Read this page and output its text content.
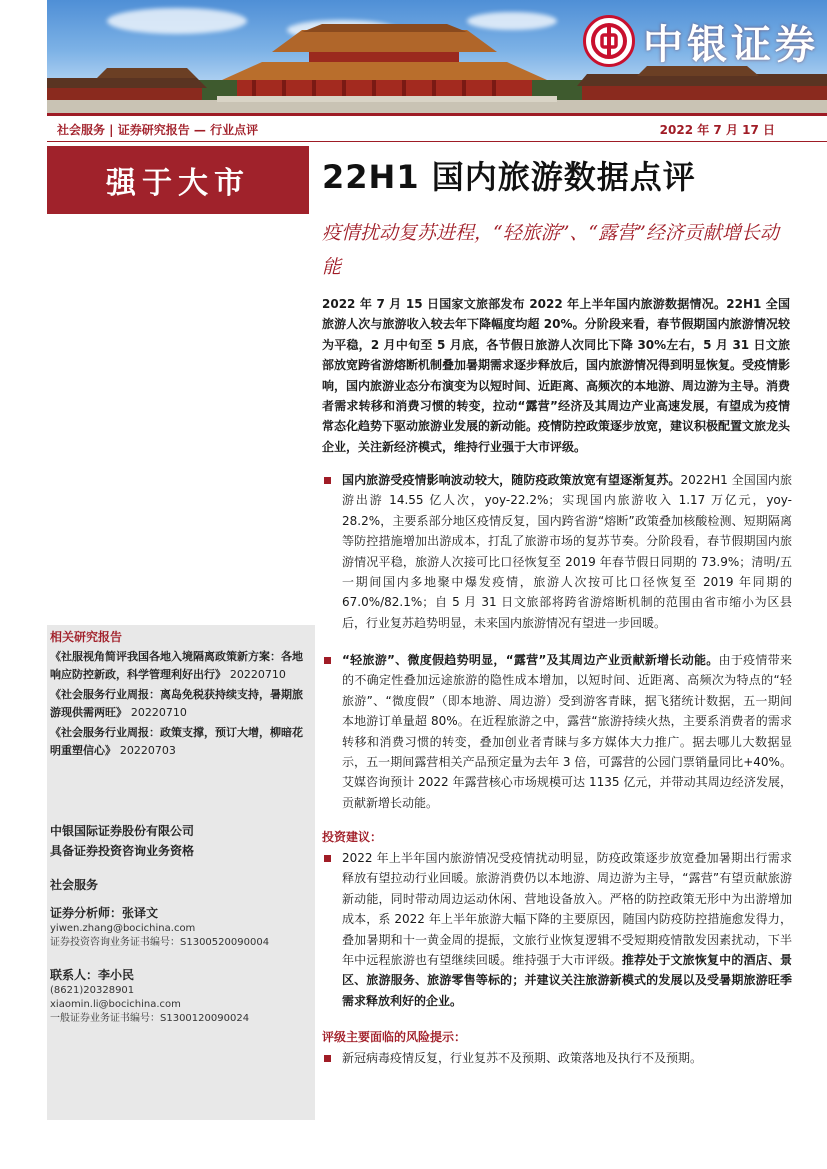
中银证券
社会服务 | 证券研究报告 — 行业点评	2022 年 7 月 17 日
强于大市 22H1 国内旅游数据点评
疫情扰动复苏进程，“轻旅游”、“露营”经济贡献增长动能
2022 年 7 月 15 日国家文旅部发布 2022 年上半年国内旅游数据情况。22H1 全国旅游人次与旅游收入较去年下降幅度均超 20%。分阶段来看，春节假期国内旅游情况较为平稳，2 月中旬至 5 月底，各节假日旅游人次同比下降 30%左右，5 月 31 日文旅部放宽跨省游熔断机制叠加暑期需求逐步释放后，国内旅游情况得到明显恢复。受疫情影响，国内旅游业态分布演变为以短时间、近距离、高频次的本地游、周边游为主导。消费者需求转移和消费习惯的转变，拉动“露营”经济及其周边产业高速发展，有望成为疫情常态化趋势下驱动旅游业发展的新动能。疫情防控政策逐步放宽，建议积极配置文旅龙头企业，关注新经济模式，维持行业强于大市评级。
国内旅游受疫情影响波动较大，随防疫政策放宽有望逐渐复苏。2022H1 全国国内旅游出游 14.55 亿人次，yoy-22.2%；实现国内旅游收入 1.17 万亿元，yoy-28.2%，主要系部分地区疫情反复，国内跨省游“熔断”政策叠加核酸检测、短期隔离等防控措施增加出游成本，打乱了旅游市场的复苏节奏。分阶段看，春节假期国内旅游情况平稳，旅游人次接可比口径恢复至 2019 年春节假日同期的 73.9%；清明/五一期间国内多地聚中爆发疫情，旅游人次按可比口径恢复至 2019 年同期的 67.0%/82.1%；自 5 月 31 日文旅部将跨省游熔断机制的范围由省市缩小为区县后，行业复苏趋势明显，未来国内旅游情况有望进一步回暖。
“轻旅游”、微度假趋势明显，“露营”及其周边产业贡献新增长动能。由于疫情带来的不确定性叠加远途旅游的隐性成本增加，以短时间、近距离、高频次为特点的“轻旅游”、“微度假”（即本地游、周边游）受到游客青睐，据飞猪统计数据，五一期间本地游订单量超 80%。在近程旅游之中，露营“旅游持续火热，主要系消费者的需求转移和消费习惯的转变，叠加创业者青睐与多方媒体大力推广。据去哪儿大数据显示，五一期间露营相关产品预定量为去年 3 倍，可露营的公园门票销量同比+40%。艾媒咨询预计 2022 年露营核心市场规模可达 1135 亿元，并带动其周边经济发展，贡献新增长动能。
投资建议：
2022 年上半年国内旅游情况受疫情扰动明显，防疫政策逐步放宽叠加暑期出行需求释放有望拉动行业回暖。旅游消费仍以本地游、周边游为主导，“露营”有望贡献旅游新动能，同时带动周边运动休闲、营地设备放入。严格的防控政策无形中为出游增加成本，系 2022 年上半年旅游大幅下降的主要原因，随国内防疫防控措施愈发得力，叠加暑期和十一黄金周的提振，文旅行业恢复逻辑不受短期疫情散发因素扰动，下半年中远程旅游也有望继续回暖。维持强于大市评级。推荐处于文旅恢复中的酒店、景区、旅游服务、旅游零售等标的；并建议关注旅游新模式的发展以及受暑期旅游旺季需求释放利好的企业。
评级主要面临的风险提示：
新冠病毒疫情反复，行业复苏不及预期、政策落地及执行不及预期。
相关研究报告
《社服视角简评我国各地入境隔离政策新方案：各地响应防控新政，科学管理利好出行》 20220710
《社会服务行业周报：离岛免税获持续支持，暑期旅游现供需两旺》 20220710
《社会服务行业周报：政策支撑，预订大增，柳暗花明重塑信心》 20220703
中银国际证券股份有限公司
具备证券投资咨询业务资格
社会服务
证券分析师：张译文
yiwen.zhang@bocichina.com
证券投资咨询业务证书编号：S1300520090004
联系人：李小民
(8621)20328901
xiaomin.li@bocichina.com
一般证券业务证书编号：S1300120090024
